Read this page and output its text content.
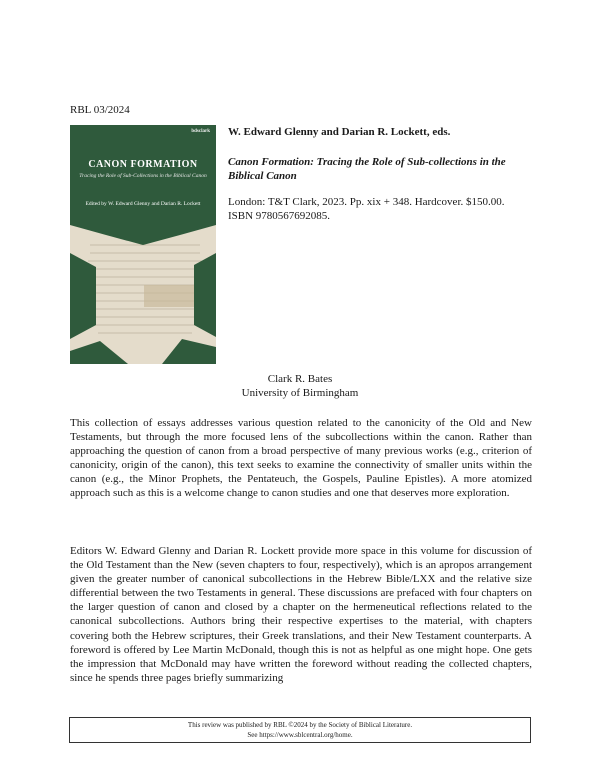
RBL 03/2024
bdsclark
CANON FORMATION
Tracing the Role of Sub-Collections in the Biblical Canon
Edited by W. Edward Glenny and Darian R. Lockett
W. Edward Glenny and Darian R. Lockett, eds.
Canon Formation: Tracing the Role of Sub-collections in the Biblical Canon
London: T&T Clark, 2023. Pp. xix + 348. Hardcover. $150.00. ISBN 9780567692085.
Clark R. Bates
University of Birmingham

This collection of essays addresses various question related to the canonicity of the Old and New Testaments, but through the more focused lens of the subcollections within the canon. Rather than approaching the question of canon from a broad perspective of many previous works (e.g., criterion of canonicity, origin of the canon), this text seeks to examine the connectivity of smaller units within the canon (e.g., the Minor Prophets, the Pentateuch, the Gospels, Pauline Epistles). A more atomized approach such as this is a welcome change to canon studies and one that deserves more exploration.

Editors W. Edward Glenny and Darian R. Lockett provide more space in this volume for discussion of the Old Testament than the New (seven chapters to four, respectively), which is an apropos arrangement given the greater number of canonical subcollections in the Hebrew Bible/LXX and the relative size differential between the two Testaments in general. These discussions are prefaced with four chapters on the larger question of canon and closed by a chapter on the hermeneutical reflections related to the canonical subcollections. Authors bring their respective expertises to the material, with chapters covering both the Hebrew scriptures, their Greek translations, and their New Testament counterparts. A foreword is offered by Lee Martin McDonald, though this is not as helpful as one might hope. One gets the impression that McDonald may have written the foreword without reading the collected chapters, since he spends three pages briefly summarizing

This review was published by RBL ©2024 by the Society of Biblical Literature.
See https://www.sblcentral.org/home.
